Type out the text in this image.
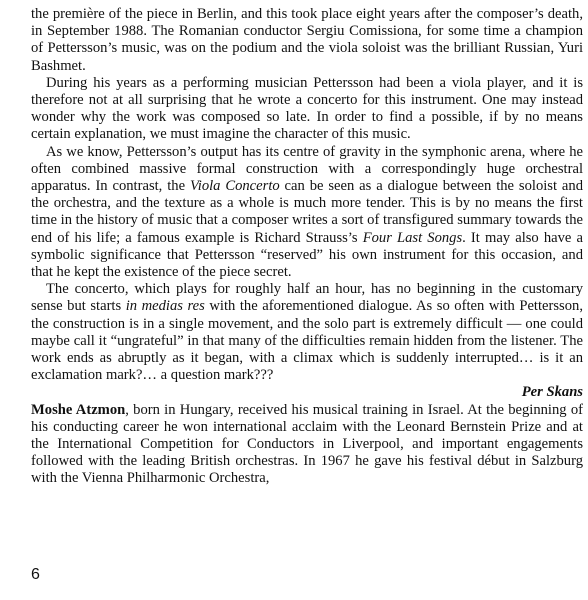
the première of the piece in Berlin, and this took place eight years after the composer’s death, in September 1988. The Romanian conductor Sergiu Comissiona, for some time a champion of Pettersson’s music, was on the podium and the viola soloist was the brilliant Russian, Yuri Bashmet.

During his years as a performing musician Pettersson had been a viola player, and it is therefore not at all surprising that he wrote a concerto for this instrument. One may instead wonder why the work was composed so late. In order to find a possible, if by no means certain explanation, we must imagine the character of this music.

As we know, Pettersson’s output has its centre of gravity in the symphonic arena, where he often combined massive formal construction with a correspondingly huge orchestral apparatus. In contrast, the Viola Concerto can be seen as a dialogue between the soloist and the orchestra, and the texture as a whole is much more tender. This is by no means the first time in the history of music that a composer writes a sort of transfigured summary towards the end of his life; a famous example is Richard Strauss’s Four Last Songs. It may also have a symbolic significance that Pettersson “reserved” his own instrument for this occasion, and that he kept the existence of the piece secret.

The concerto, which plays for roughly half an hour, has no beginning in the customary sense but starts in medias res with the aforementioned dialogue. As so often with Pettersson, the construction is in a single movement, and the solo part is extremely difficult — one could maybe call it “ungrateful” in that many of the difficulties remain hidden from the listener. The work ends as abruptly as it began, with a climax which is suddenly interrupted… is it an exclamation mark?… a question mark???

Per Skans

Moshe Atzmon, born in Hungary, received his musical training in Israel. At the beginning of his conducting career he won international acclaim with the Leonard Bernstein Prize and at the International Competition for Conductors in Liverpool, and important engagements followed with the leading British orchestras. In 1967 he gave his festival début in Salzburg with the Vienna Philharmonic Orchestra,

6
